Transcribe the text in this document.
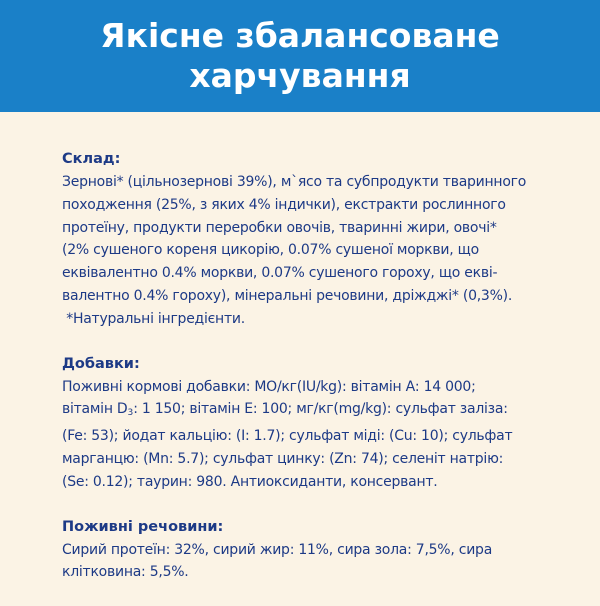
Якісне збалансоване
харчування
Склад:
Зернові* (цільнозернові 39%), м`ясо та субпродукти тваринного
походження (25%, з яких 4% індички), екстракти рослинного
протеїну, продукти переробки овочів, тваринні жири, овочі*
(2% сушеного кореня цикорію, 0.07% сушеної моркви, що
еквівалентно 0.4% моркви, 0.07% сушеного гороху, що екві-
валентно 0.4% гороху), мінеральні речовини, дріжджі* (0,3%).
*Натуральні інгредієнти.
Добавки:
Поживні кормові добавки: МО/кг(IU/kg): вітамін А: 14 000;
вітамін $D_3$: 1 150; вітамін E: 100; мг/кг(mg/kg): сульфат заліза:
(Fe: 53); йодат кальцію: (I: 1.7); сульфат міді: (Cu: 10); сульфат
марганцю: (Mn: 5.7); сульфат цинку: (Zn: 74); селеніт натрію:
(Se: 0.12); таурин: 980. Антиоксиданти, консервант.
Поживні речовини:
Сирий протеїн: 32%, сирий жир: 11%, сира зола: 7,5%, сира
клітковина: 5,5%.
